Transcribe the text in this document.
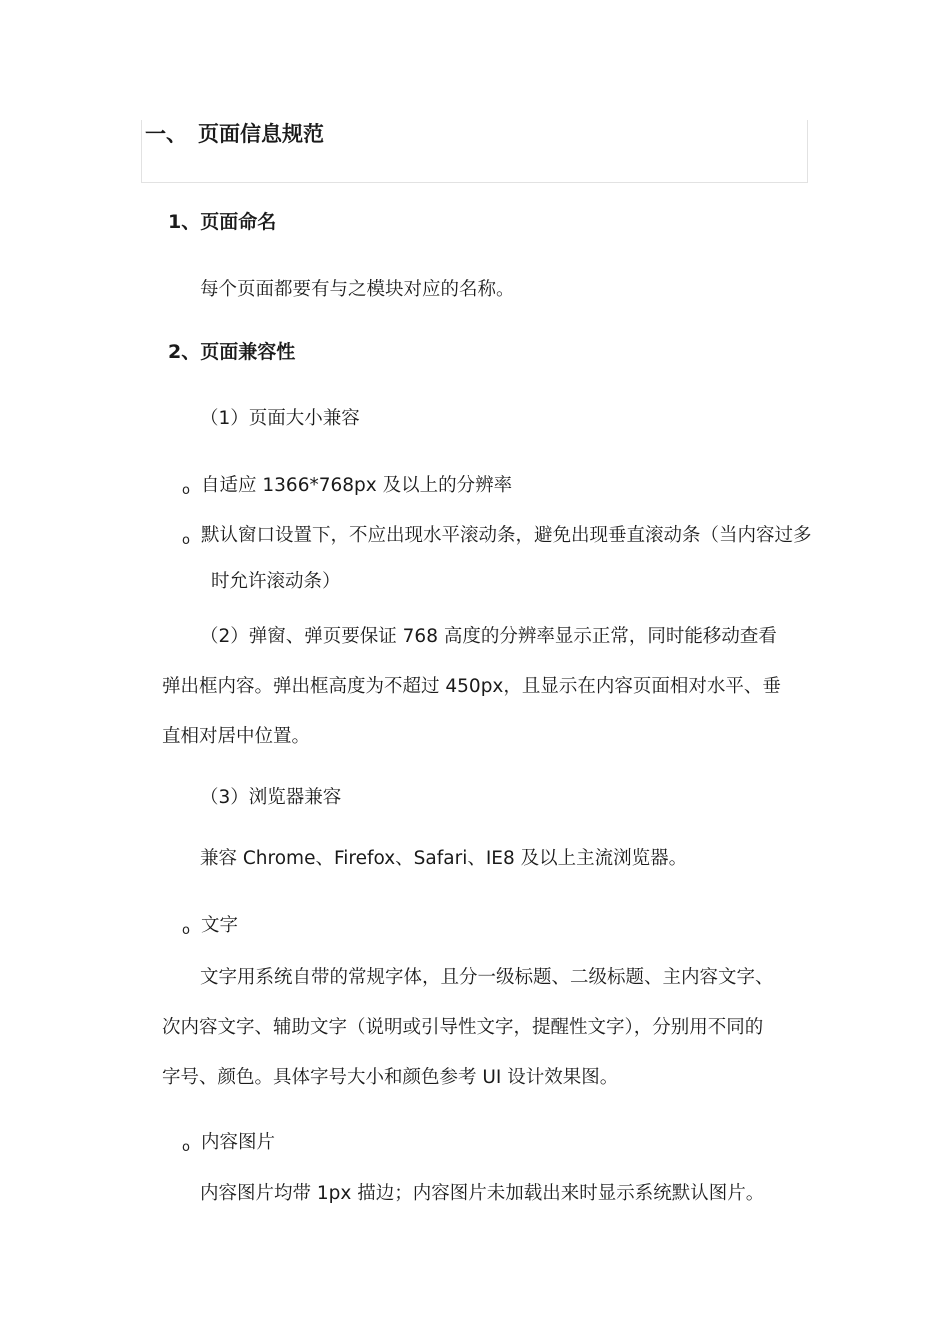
一、 页面信息规范
1、页面命名
每个页面都要有与之模块对应的名称。
2、页面兼容性
（1）页面大小兼容
o 自适应 1366*768px 及以上的分辨率
o 默认窗口设置下，不应出现水平滚动条，避免出现垂直滚动条（当内容过多
时允许滚动条）
（2）弹窗、弹页要保证 768 高度的分辨率显示正常，同时能移动查看
弹出框内容。弹出框高度为不超过 450px，且显示在内容页面相对水平、垂
直相对居中位置。
（3）浏览器兼容
兼容 Chrome、Firefox、Safari、IE8 及以上主流浏览器。
o 文字
文字用系统自带的常规字体，且分一级标题、二级标题、主内容文字、
次内容文字、辅助文字（说明或引导性文字，提醒性文字），分别用不同的
字号、颜色。具体字号大小和颜色参考 UI 设计效果图。
o 内容图片
内容图片均带 1px 描边；内容图片未加载出来时显示系统默认图片。
